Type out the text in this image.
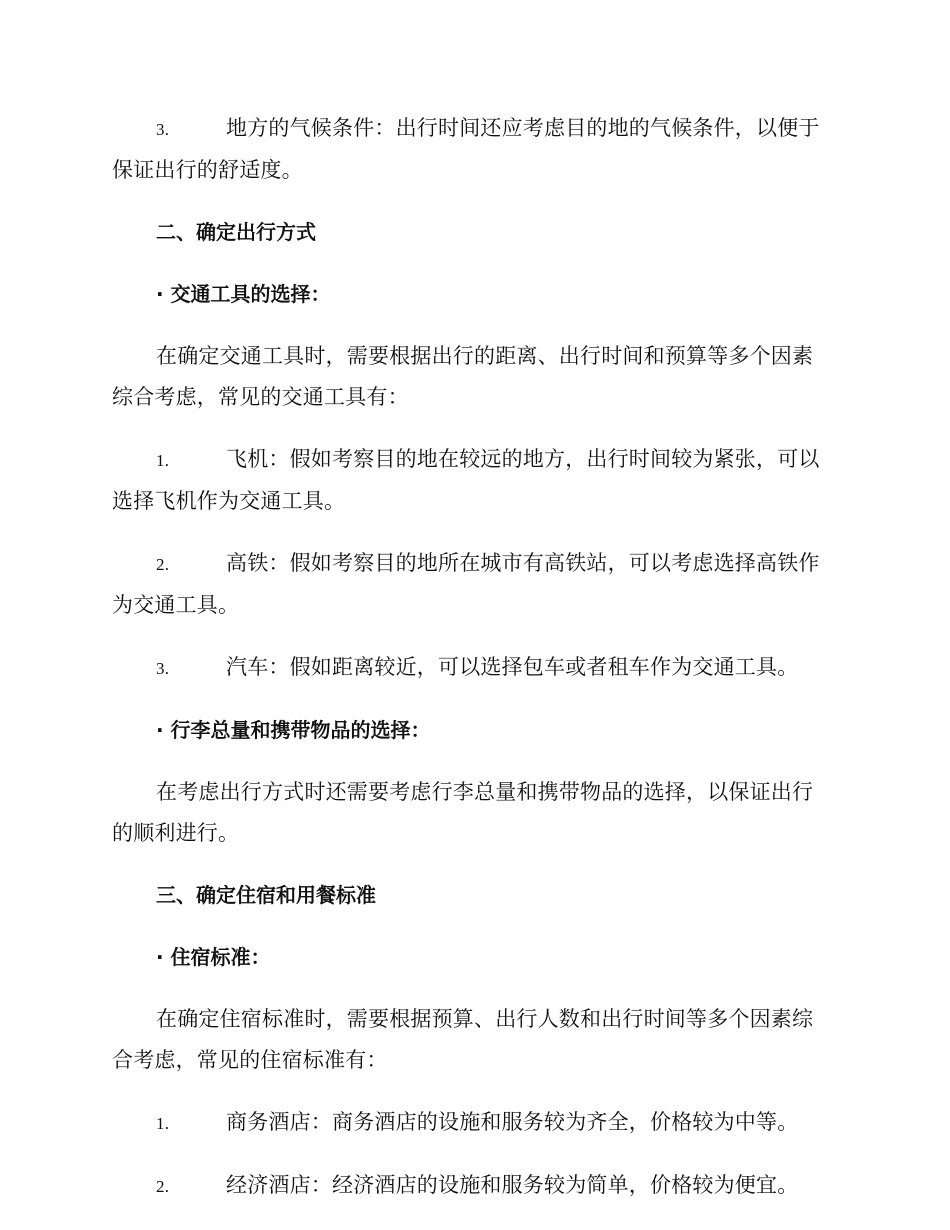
3.	地方的气候条件：出行时间还应考虑目的地的气候条件，以便于
保证出行的舒适度。
二、确定出行方式
· 交通工具的选择：
在确定交通工具时，需要根据出行的距离、出行时间和预算等多个因素
综合考虑，常见的交通工具有：
1.	飞机：假如考察目的地在较远的地方，出行时间较为紧张，可以
选择飞机作为交通工具。
2.	高铁：假如考察目的地所在城市有高铁站，可以考虑选择高铁作
为交通工具。
3.	汽车：假如距离较近，可以选择包车或者租车作为交通工具。
· 行李总量和携带物品的选择：
在考虑出行方式时还需要考虑行李总量和携带物品的选择，以保证出行
的顺利进行。
三、确定住宿和用餐标准
· 住宿标准：
在确定住宿标准时，需要根据预算、出行人数和出行时间等多个因素综
合考虑，常见的住宿标准有：
1.	商务酒店：商务酒店的设施和服务较为齐全，价格较为中等。
2.	经济酒店：经济酒店的设施和服务较为简单，价格较为便宜。
